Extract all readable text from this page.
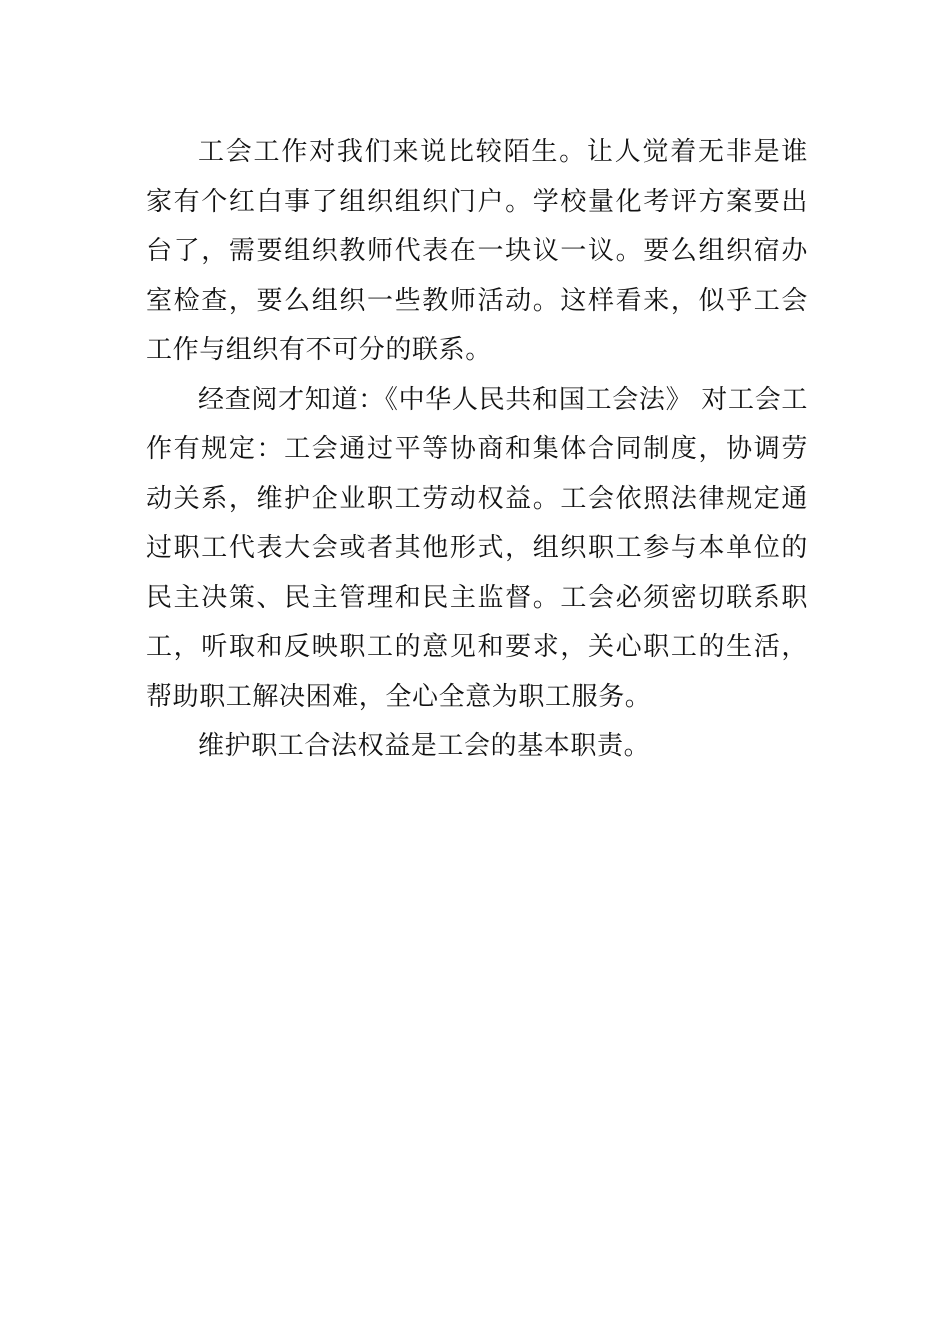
工会工作对我们来说比较陌生。让人觉着无非是谁家有个红白事了组织组织门户。学校量化考评方案要出台了，需要组织教师代表在一块议一议。要么组织宿办室检查，要么组织一些教师活动。这样看来，似乎工会工作与组织有不可分的联系。

经查阅才知道：《中华人民共和国工会法》 对工会工作有规定：工会通过平等协商和集体合同制度，协调劳动关系，维护企业职工劳动权益。工会依照法律规定通过职工代表大会或者其他形式，组织职工参与本单位的民主决策、民主管理和民主监督。工会必须密切联系职工，听取和反映职工的意见和要求，关心职工的生活，帮助职工解决困难，全心全意为职工服务。

维护职工合法权益是工会的基本职责。
